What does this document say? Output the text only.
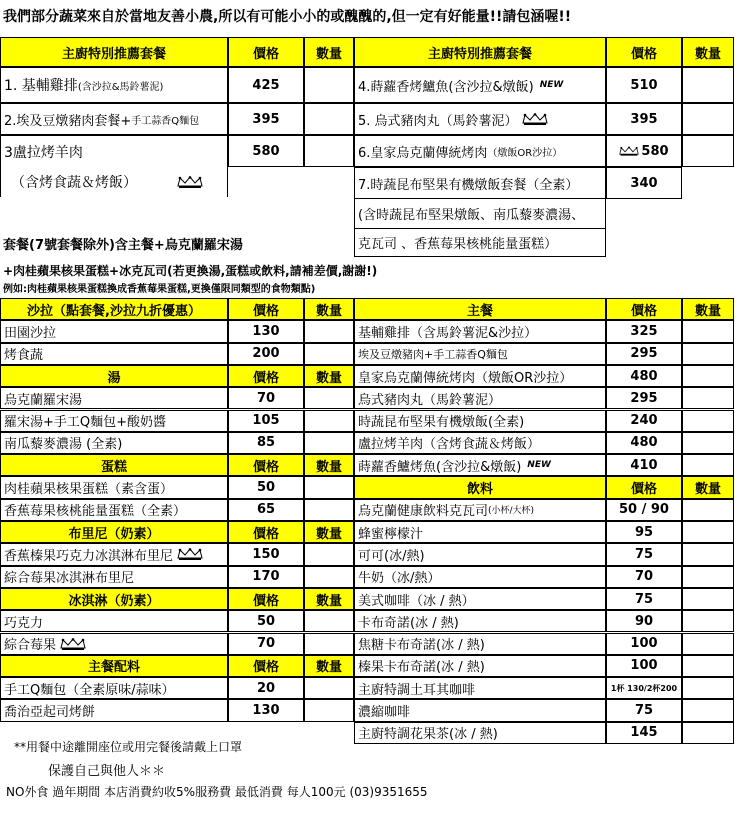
我們部分蔬菜來自於當地友善小農,所以有可能小小的或醜醜的,但一定有好能量!!請包涵喔!!
主廚特別推薦套餐	價格	數量	主廚特別推薦套餐	價格	數量
1. 基輔雞排 (含沙拉&馬鈴薯泥)	425
2.埃及豆燉豬肉套餐+ 手工蒜香Q麵包	395
3盧拉烤羊肉	580
（含烤食蔬＆烤飯）
4.蒔蘿香烤鱸魚(含沙拉&燉飯) NEW	510
5. 烏式豬肉丸（馬鈴薯泥）	395
6.皇家烏克蘭傳統烤肉 （燉飯OR沙拉）	580
7.時蔬昆布堅果有機燉飯套餐（全素）	340
(含時蔬昆布堅果燉飯、南瓜藜麥濃湯、
克瓦司 、香蕉莓果核桃能量蛋糕）
套餐(7號套餐除外)含主餐+烏克蘭羅宋湯
+肉桂蘋果核果蛋糕+冰克瓦司(若更換湯,蛋糕或飲料,請補差價,謝謝!)
例如:肉桂蘋果核果蛋糕換成香蕉莓果蛋糕,更換僅限同類型的食物類點)
沙拉（點套餐,沙拉九折優惠）	價格	數量
田園沙拉	130
烤食蔬	200
湯	價格	數量
烏克蘭羅宋湯	70
羅宋湯+手工Q麵包+酸奶醬	105
南瓜藜麥濃湯 (全素)	85
蛋糕	價格	數量
肉桂蘋果核果蛋糕（素含蛋）	50
香蕉莓果核桃能量蛋糕（全素）	65
布里尼（奶素）	價格	數量
香蕉榛果巧克力冰淇淋布里尼	150
綜合莓果冰淇淋布里尼	170
冰淇淋（奶素）	價格	數量
巧克力	50
綜合莓果	70
主餐配料	價格	數量
手工Q麵包（全素原味/蒜味）	20
喬治亞起司烤餅	130
主餐	價格	數量
基輔雞排（含馬鈴薯泥&沙拉）	325
埃及豆燉豬肉+手工蒜香Q麵包	295
皇家烏克蘭傳統烤肉（燉飯OR沙拉）	480
烏式豬肉丸（馬鈴薯泥）	295
時蔬昆布堅果有機燉飯(全素)	240
盧拉烤羊肉（含烤食蔬＆烤飯）	480
蒔蘿香鱸烤魚(含沙拉&燉飯) NEW	410
飲料	價格	數量
烏克蘭健康飲料克瓦司 (小杯/大杯)	50 / 90
蜂蜜檸檬汁	95
可可(冰/熱)	75
牛奶（冰/熱）	70
美式咖啡（冰 / 熱）	75
卡布奇諾(冰 / 熱)	90
焦糖卡布奇諾(冰 / 熱)	100
榛果卡布奇諾(冰 / 熱)	100
主廚特調土耳其咖啡	1杯 130/2杯200
濃縮咖啡	75
主廚特調花果茶(冰 / 熱)	145
**用餐中途離開座位或用完餐後請戴上口罩
保護自己與他人＊＊
NO外食 過年期間 本店消費約收5%服務費 最低消費 每人100元 (03)9351655
